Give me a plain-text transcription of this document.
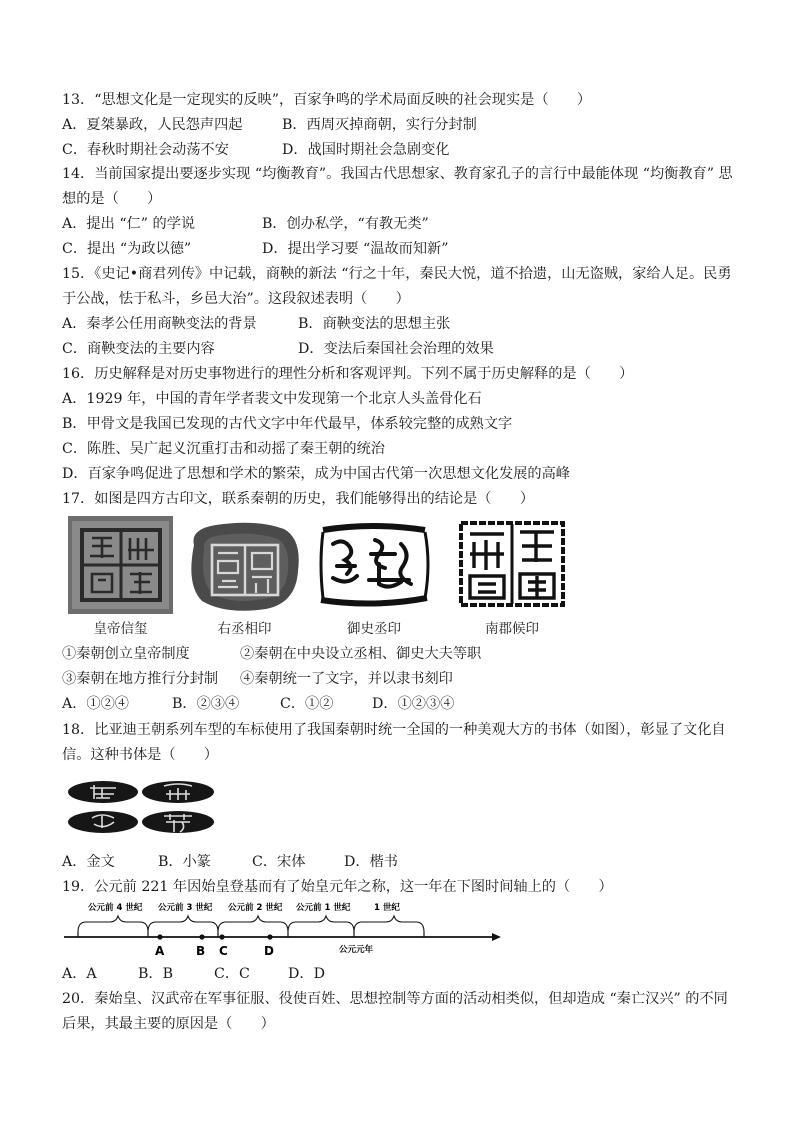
13．“思想文化是一定现实的反映”，百家争鸣的学术局面反映的社会现实是（　　）
A．夏桀暴政，人民怨声四起	B．西周灭掉商朝，实行分封制
C．春秋时期社会动荡不安	D．战国时期社会急剧变化
14．当前国家提出要逐步实现 “均衡教育”。我国古代思想家、教育家孔子的言行中最能体现 “均衡教育” 思
想的是（　　）
A．提出 “仁” 的学说	B．创办私学，“有教无类”
C．提出 “为政以德”	D．提出学习要 “温故而知新”
15．《史记•商君列传》中记载，商鞅的新法 “行之十年，秦民大悦，道不拾遗，山无盗贼，家给人足。民勇
于公战，怯于私斗，乡邑大治”。这段叙述表明（　　）
A．秦孝公任用商鞅变法的背景	B．商鞅变法的思想主张
C．商鞅变法的主要内容	D．变法后秦国社会治理的效果
16．历史解释是对历史事物进行的理性分析和客观评判。下列不属于历史解释的是（　　）
A．1929 年，中国的青年学者裴文中发现第一个北京人头盖骨化石
B．甲骨文是我国已发现的古代文字中年代最早，体系较完整的成熟文字
C．陈胜、吴广起义沉重打击和动摇了秦王朝的统治
D．百家争鸣促进了思想和学术的繁荣，成为中国古代第一次思想文化发展的高峰
17．如图是四方古印文，联系秦朝的历史，我们能够得出的结论是（　　）
皇帝信玺	右丞相印	御史丞印	南郡候印
①秦朝创立皇帝制度	②秦朝在中央设立丞相、御史大夫等职
③秦朝在地方推行分封制 ④秦朝统一了文字，并以隶书刻印
A．①②④	B．②③④	C．①②	D．①②③④
18．比亚迪王朝系列车型的车标使用了我国秦朝时统一全国的一种美观大方的书体（如图），彰显了文化自
信。这种书体是（　　）
A．金文	B．小篆	C．宋体	D．楷书
19．公元前 221 年因始皇登基而有了始皇元年之称，这一年在下图时间轴上的（　　）
公元前 4 世纪 公元前 3 世纪 公元前 2 世纪 公元前 1 世纪	1 世纪
A	B C	D	公元元年
A．A	B．B	C．C	D．D
20．秦始皇、汉武帝在军事征服、役使百姓、思想控制等方面的活动相类似，但却造成 “秦亡汉兴” 的不同
后果，其最主要的原因是（　　）
